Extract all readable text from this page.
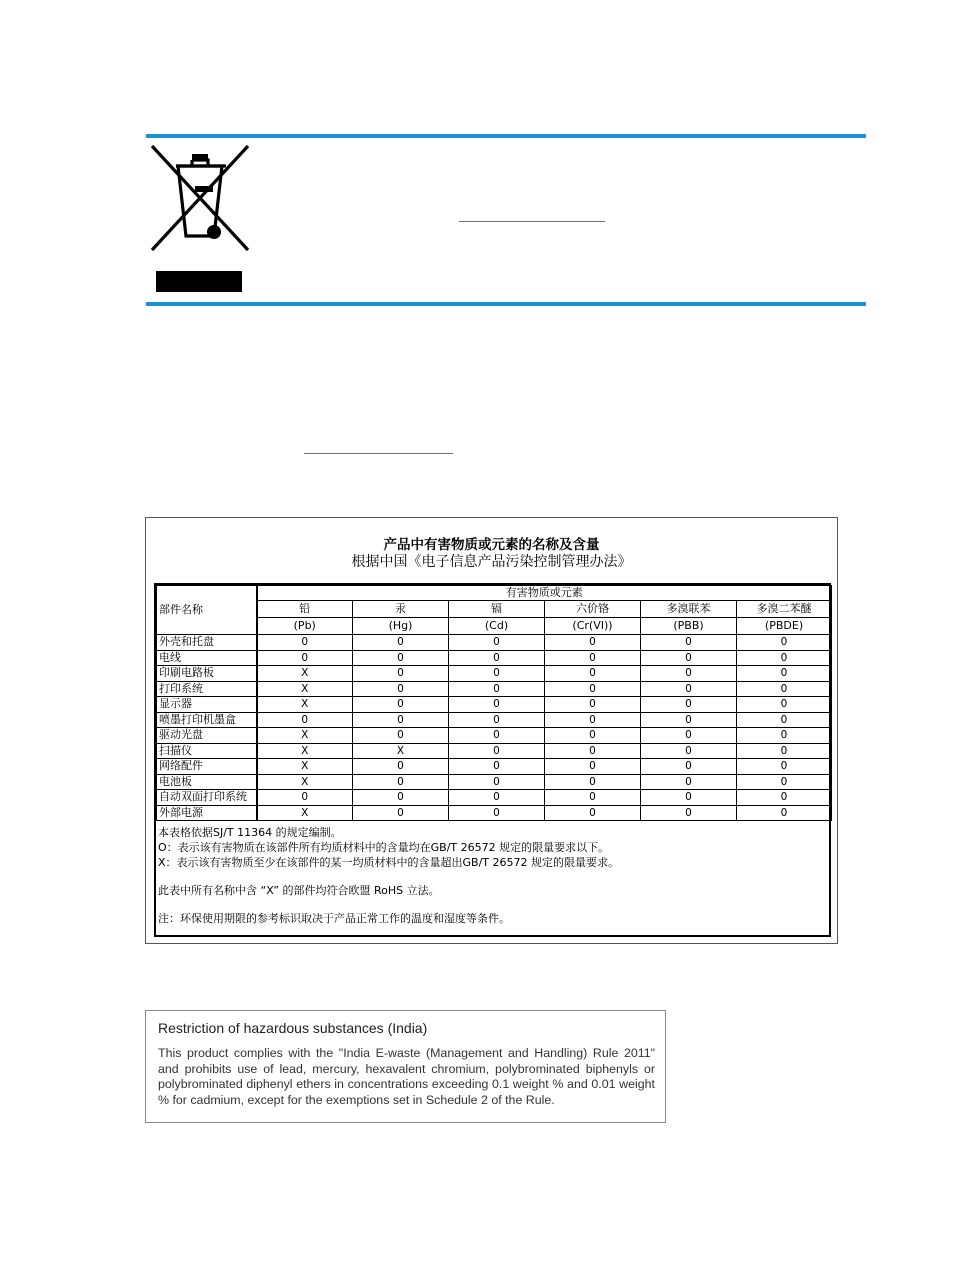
产品中有害物质或元素的名称及含量
根据中国《电子信息产品污染控制管理办法》
部件名称	有害物质或元素					
	铅	汞	镉	六价铬	多溴联苯	多溴二苯醚
	(Pb)	(Hg)	(Cd)	(Cr(VI))	(PBB)	(PBDE)
外壳和托盘	0	0	0	0	0	0
电线	0	0	0	0	0	0
印刷电路板	X	0	0	0	0	0
打印系统	X	0	0	0	0	0
显示器	X	0	0	0	0	0
喷墨打印机墨盒	0	0	0	0	0	0
驱动光盘	X	0	0	0	0	0
扫描仪	X	X	0	0	0	0
网络配件	X	0	0	0	0	0
电池板	X	0	0	0	0	0
自动双面打印系统	0	0	0	0	0	0
外部电源	X	0	0	0	0	0
本表格依据SJ/T 11364 的规定编制。
O：表示该有害物质在该部件所有均质材料中的含量均在GB/T 26572 规定的限量要求以下。
X：表示该有害物质至少在该部件的某一均质材料中的含量超出GB/T 26572 规定的限量要求。
此表中所有名称中含 “X” 的部件均符合欧盟 RoHS 立法。
注：环保使用期限的参考标识取决于产品正常工作的温度和湿度等条件。
Restriction of hazardous substances (India)
This product complies with the "India E-waste (Management and Handling) Rule 2011" and prohibits use of lead, mercury, hexavalent chromium, polybrominated biphenyls or polybrominated diphenyl ethers in concentrations exceeding 0.1 weight % and 0.01 weight % for cadmium, except for the exemptions set in Schedule 2 of the Rule.
